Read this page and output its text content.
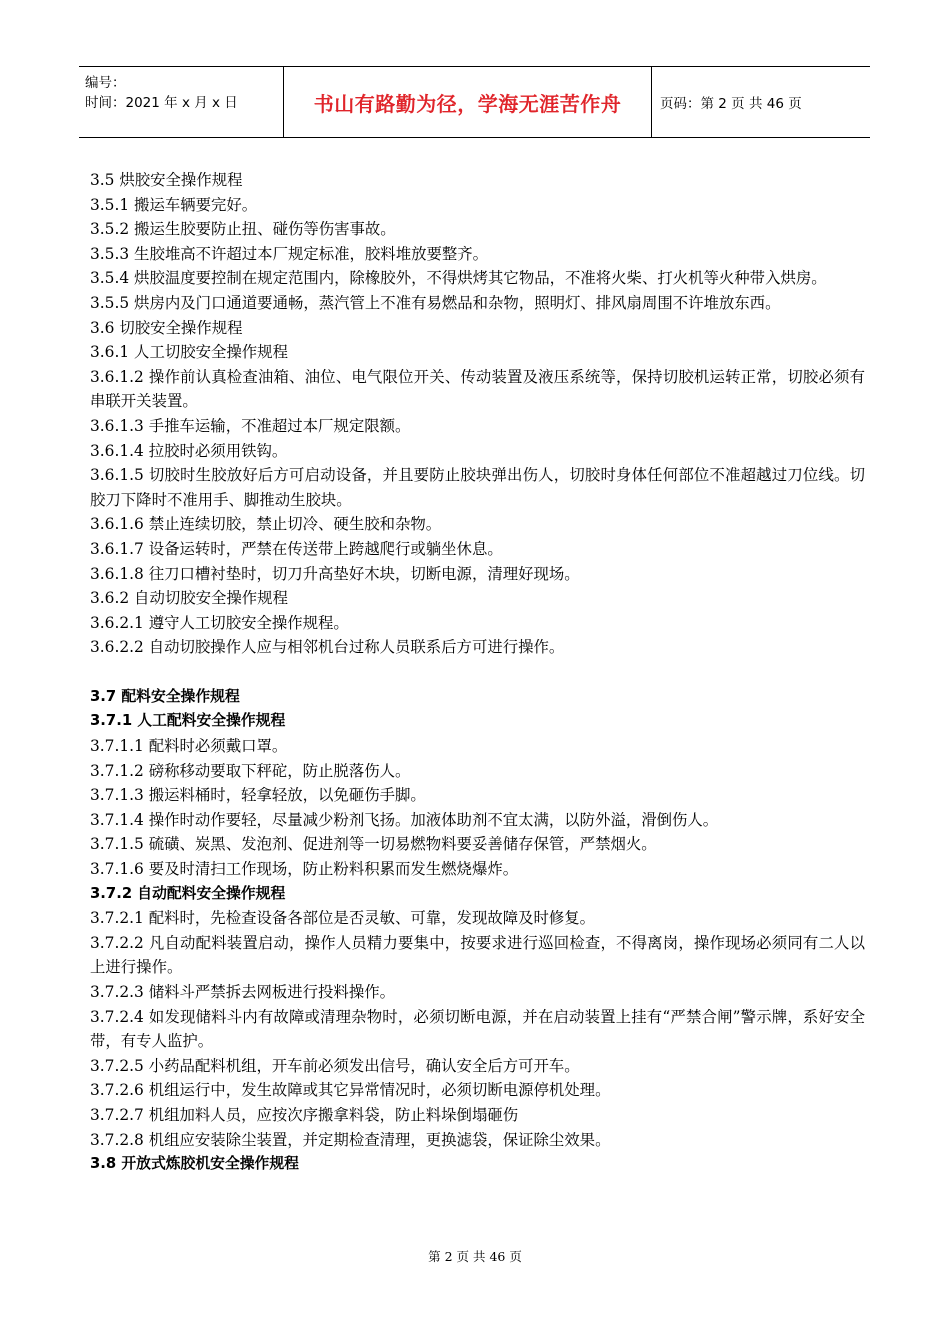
编号：
时间：2021 年 x 月 x 日	书山有路勤为径，学海无涯苦作舟	页码：第 2 页 共 46 页
3.5 烘胶安全操作规程
3.5.1 搬运车辆要完好。
3.5.2 搬运生胶要防止扭、碰伤等伤害事故。
3.5.3 生胶堆高不许超过本厂规定标准，胶料堆放要整齐。
3.5.4 烘胶温度要控制在规定范围内，除橡胶外，不得烘烤其它物品，不准将火柴、打火机等火种带入烘房。
3.5.5 烘房内及门口通道要通畅，蒸汽管上不准有易燃品和杂物，照明灯、排风扇周围不许堆放东西。
3.6 切胶安全操作规程
3.6.1 人工切胶安全操作规程
3.6.1.2 操作前认真检查油箱、油位、电气限位开关、传动装置及液压系统等，保持切胶机运转正常，切胶必须有串联开关装置。
3.6.1.3 手推车运输，不准超过本厂规定限额。
3.6.1.4 拉胶时必须用铁钩。
3.6.1.5 切胶时生胶放好后方可启动设备，并且要防止胶块弹出伤人，切胶时身体任何部位不准超越过刀位线。切胶刀下降时不准用手、脚推动生胶块。
3.6.1.6 禁止连续切胶，禁止切冷、硬生胶和杂物。
3.6.1.7 设备运转时，严禁在传送带上跨越爬行或躺坐休息。
3.6.1.8 往刀口槽衬垫时，切刀升高垫好木块，切断电源，清理好现场。
3.6.2 自动切胶安全操作规程
3.6.2.1 遵守人工切胶安全操作规程。
3.6.2.2 自动切胶操作人应与相邻机台过称人员联系后方可进行操作。
3.7 配料安全操作规程
3.7.1 人工配料安全操作规程
3.7.1.1 配料时必须戴口罩。
3.7.1.2 磅称移动要取下秤砣，防止脱落伤人。
3.7.1.3 搬运料桶时，轻拿轻放，以免砸伤手脚。
3.7.1.4 操作时动作要轻，尽量减少粉剂飞扬。加液体助剂不宜太满，以防外溢，滑倒伤人。
3.7.1.5 硫磺、炭黑、发泡剂、促进剂等一切易燃物料要妥善储存保管，严禁烟火。
3.7.1.6 要及时清扫工作现场，防止粉料积累而发生燃烧爆炸。
3.7.2 自动配料安全操作规程
3.7.2.1 配料时，先检查设备各部位是否灵敏、可靠，发现故障及时修复。
3.7.2.2 凡自动配料装置启动，操作人员精力要集中，按要求进行巡回检查，不得离岗，操作现场必须同有二人以上进行操作。
3.7.2.3 储料斗严禁拆去网板进行投料操作。
3.7.2.4 如发现储料斗内有故障或清理杂物时，必须切断电源，并在启动装置上挂有“严禁合闸”警示牌，系好安全带，有专人监护。
3.7.2.5 小药品配料机组，开车前必须发出信号，确认安全后方可开车。
3.7.2.6 机组运行中，发生故障或其它异常情况时，必须切断电源停机处理。
3.7.2.7 机组加料人员，应按次序搬拿料袋，防止料垛倒塌砸伤
3.7.2.8 机组应安装除尘装置，并定期检查清理，更换滤袋，保证除尘效果。
3.8 开放式炼胶机安全操作规程
第 2 页 共 46 页
